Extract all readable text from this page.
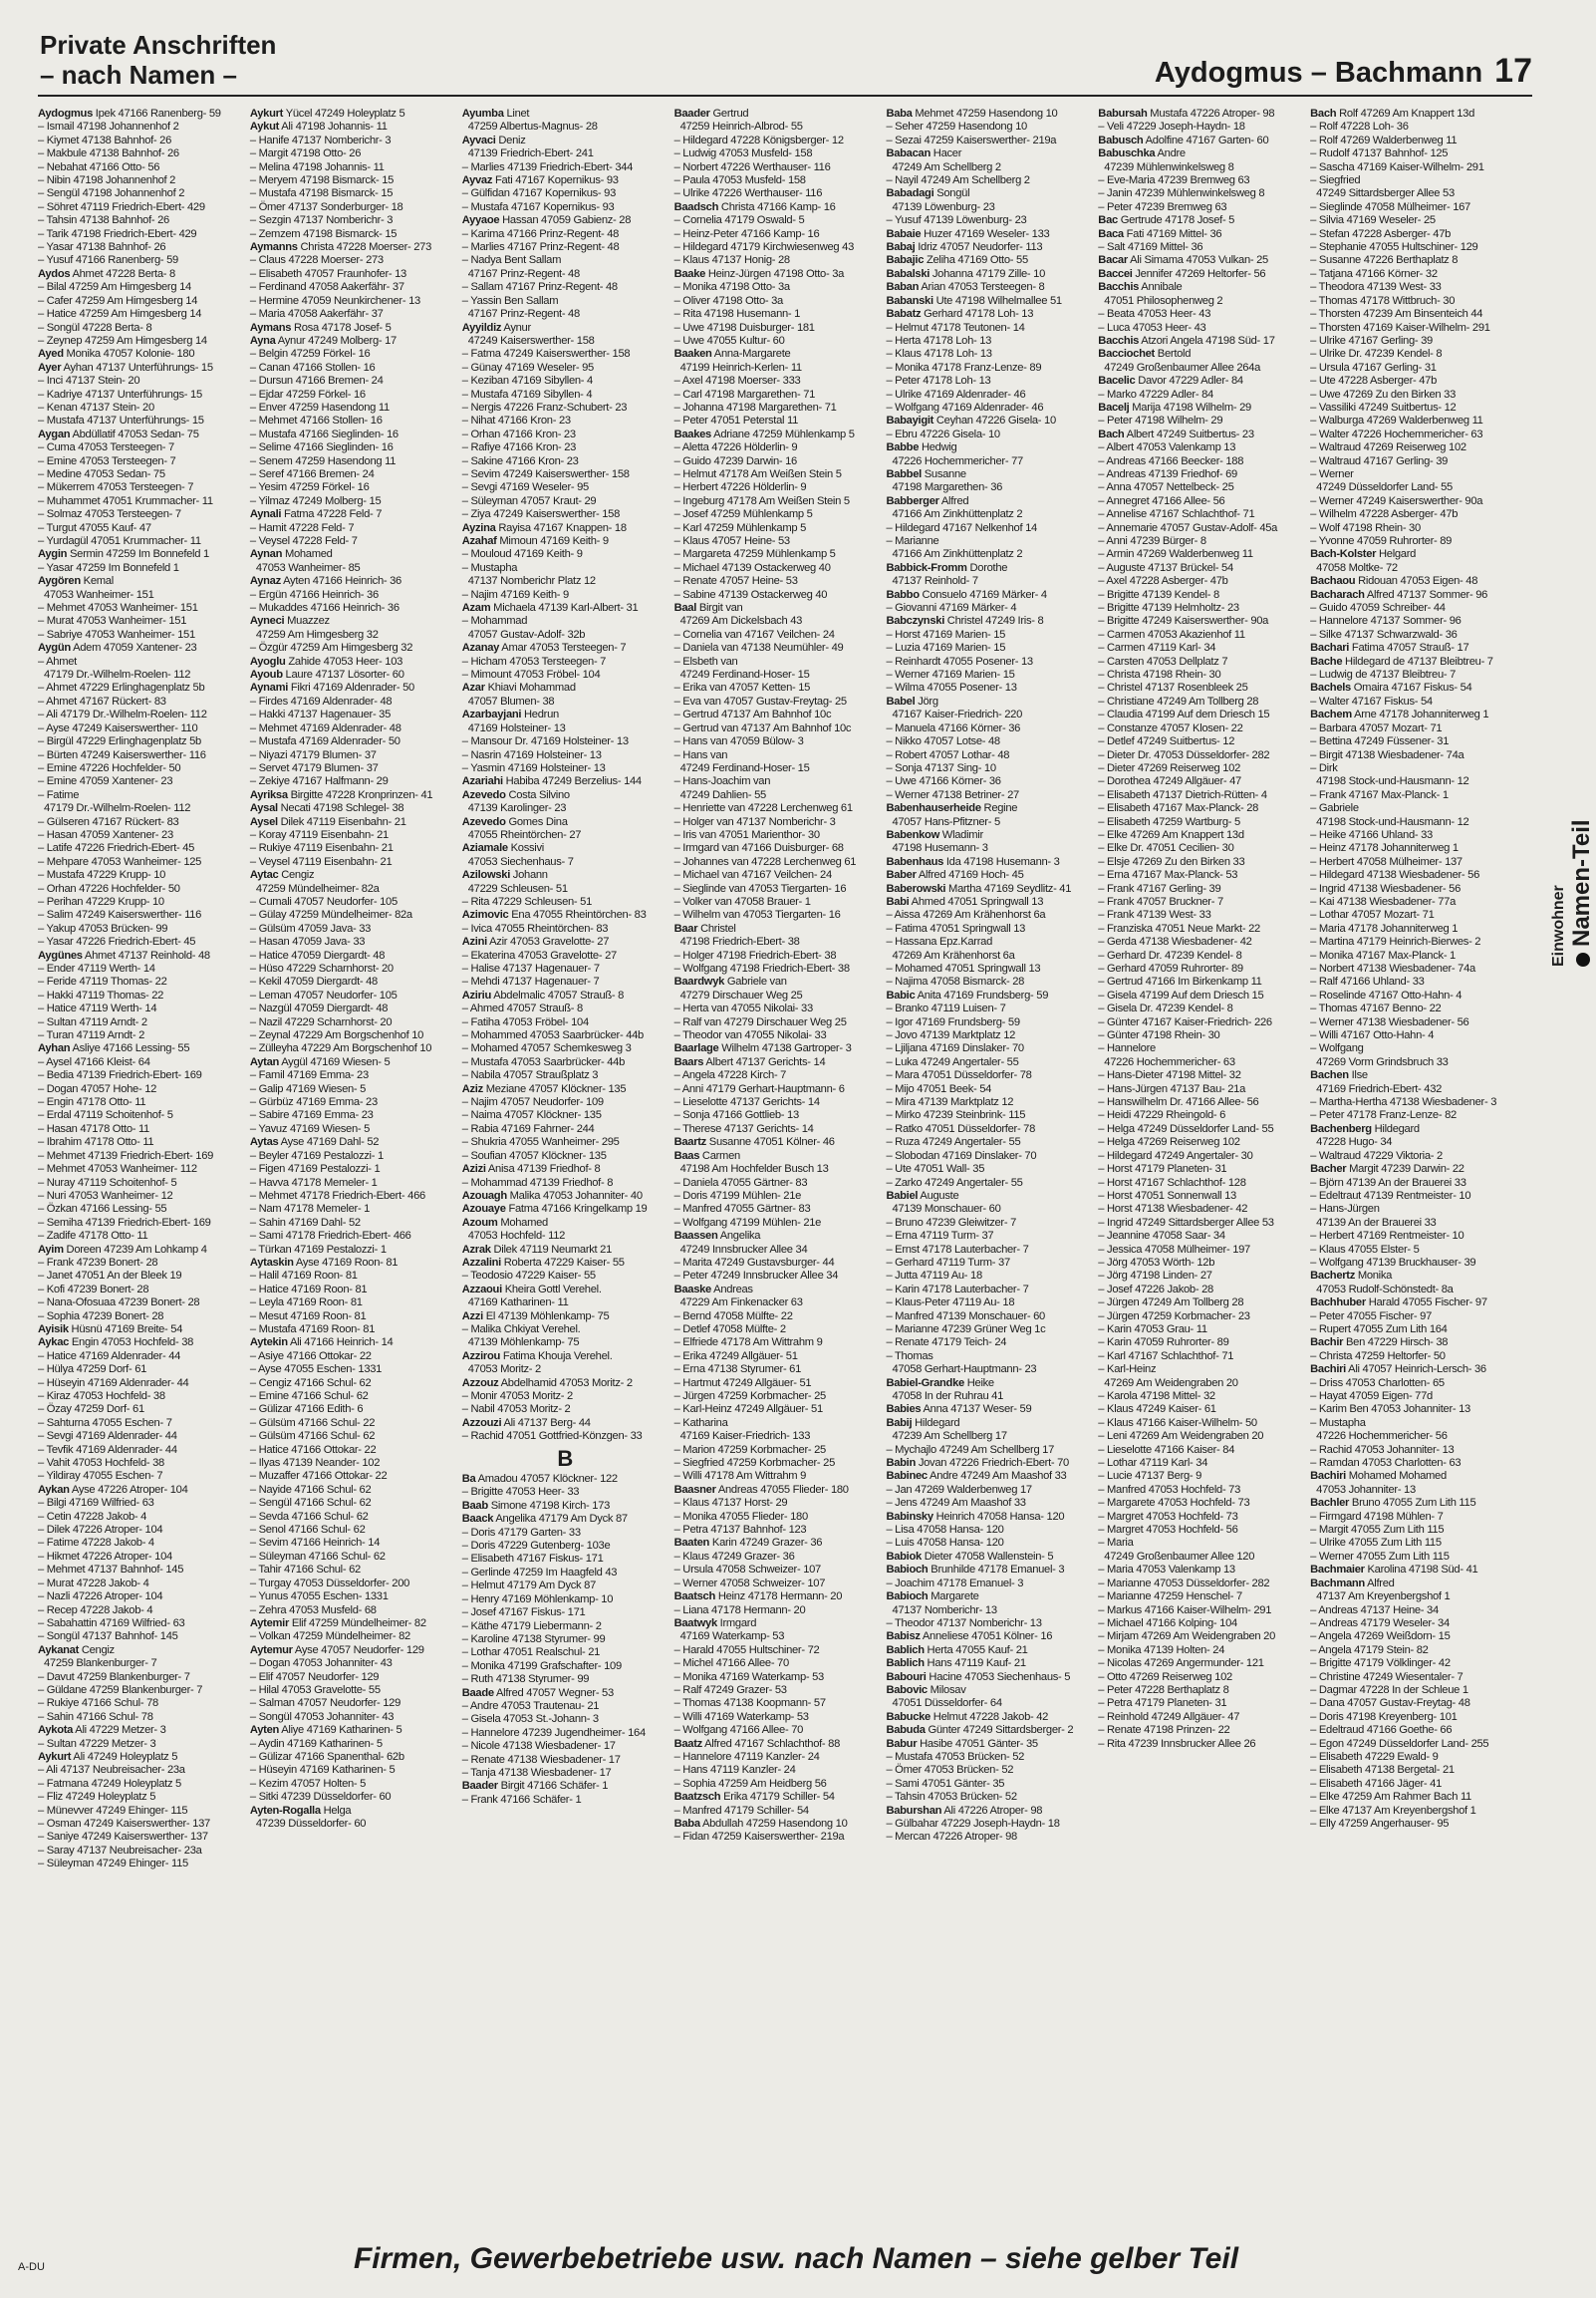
Private Anschriften
– nach Namen –	Aydogmus – Bachmann 17
Aydogmus Ipek 47166 Ranenberg- 59
– Ismail 47198 Johannenhof 2
– Kiymet 47138 Bahnhof- 26
– Makbule 47138 Bahnhof- 26
– Nebahat 47166 Otto- 56
– Nibin 47198 Johannenhof 2
– Sengül 47198 Johannenhof 2
– Söhret 47119 Friedrich-Ebert- 429
– Tahsin 47138 Bahnhof- 26
– Tarik 47198 Friedrich-Ebert- 429
– Yasar 47138 Bahnhof- 26
– Yusuf 47166 Ranenberg- 59
Aydos Ahmet 47228 Berta- 8
– Bilal 47259 Am Himgesberg 14
– Cafer 47259 Am Himgesberg 14
– Hatice 47259 Am Himgesberg 14
– Songül 47228 Berta- 8
– Zeynep 47259 Am Himgesberg 14
Ayed Monika 47057 Kolonie- 180
Ayer Ayhan 47137 Unterführungs- 15
– Inci 47137 Stein- 20
– Kadriye 47137 Unterführungs- 15
– Kenan 47137 Stein- 20
– Mustafa 47137 Unterführungs- 15
Aygan Abdüllatif 47053 Sedan- 75
– Cuma 47053 Tersteegen- 7
– Emine 47053 Tersteegen- 7
– Medine 47053 Sedan- 75
– Mükerrem 47053 Tersteegen- 7
– Muhammet 47051 Krummacher- 11
– Solmaz 47053 Tersteegen- 7
– Turgut 47055 Kauf- 47
– Yurdagül 47051 Krummacher- 11
Aygin Sermin 47259 Im Bonnefeld 1
– Yasar 47259 Im Bonnefeld 1
Aygören Kemal
47053 Wanheimer- 151
– Mehmet 47053 Wanheimer- 151
– Murat 47053 Wanheimer- 151
– Sabriye 47053 Wanheimer- 151
Aygün Adem 47059 Xantener- 23
– Ahmet
47179 Dr.-Wilhelm-Roelen- 112
– Ahmet 47229 Erlinghagenplatz 5b
– Ahmet 47167 Rückert- 83
– Ali 47179 Dr.-Wilhelm-Roelen- 112
– Ayse 47249 Kaiserswerther- 110
– Birgül 47229 Erlinghagenplatz 5b
– Bürten 47249 Kaiserswerther- 116
– Emine 47226 Hochfelder- 50
– Emine 47059 Xantener- 23
– Fatime
47179 Dr.-Wilhelm-Roelen- 112
– Gülseren 47167 Rückert- 83
– Hasan 47059 Xantener- 23
– Latife 47226 Friedrich-Ebert- 45
– Mehpare 47053 Wanheimer- 125
– Mustafa 47229 Krupp- 10
– Orhan 47226 Hochfelder- 50
– Perihan 47229 Krupp- 10
– Salim 47249 Kaiserswerther- 116
– Yakup 47053 Brücken- 99
– Yasar 47226 Friedrich-Ebert- 45
Aygünes Ahmet 47137 Reinhold- 48
– Ender 47119 Werth- 14
– Feride 47119 Thomas- 22
– Hakki 47119 Thomas- 22
– Hatice 47119 Werth- 14
– Sultan 47119 Arndt- 2
– Turan 47119 Arndt- 2
Ayhan Asliye 47166 Lessing- 55
– Aysel 47166 Kleist- 64
– Bedia 47139 Friedrich-Ebert- 169
– Dogan 47057 Hohe- 12
– Engin 47178 Otto- 11
– Erdal 47119 Schoitenhof- 5
– Hasan 47178 Otto- 11
– Ibrahim 47178 Otto- 11
– Mehmet 47139 Friedrich-Ebert- 169
– Mehmet 47053 Wanheimer- 112
– Nuray 47119 Schoitenhof- 5
– Nuri 47053 Wanheimer- 12
– Özkan 47166 Lessing- 55
– Semiha 47139 Friedrich-Ebert- 169
– Zadife 47178 Otto- 11
Ayim Doreen 47239 Am Lohkamp 4
– Frank 47239 Bonert- 28
– Janet 47051 An der Bleek 19
– Kofi 47239 Bonert- 28
– Nana-Ofosuaa 47239 Bonert- 28
– Sophia 47239 Bonert- 28
Ayisik Hüsnü 47169 Breite- 54
Aykac Engin 47053 Hochfeld- 38
– Hatice 47169 Aldenrader- 44
– Hülya 47259 Dorf- 61
– Hüseyin 47169 Aldenrader- 44
– Kiraz 47053 Hochfeld- 38
– Özay 47259 Dorf- 61
– Sahturna 47055 Eschen- 7
– Sevgi 47169 Aldenrader- 44
– Tevfik 47169 Aldenrader- 44
– Vahit 47053 Hochfeld- 38
– Yildiray 47055 Eschen- 7
Aykan Ayse 47226 Atroper- 104
– Bilgi 47169 Wilfried- 63
– Cetin 47228 Jakob- 4
– Dilek 47226 Atroper- 104
– Fatime 47228 Jakob- 4
– Hikmet 47226 Atroper- 104
– Mehmet 47137 Bahnhof- 145
– Murat 47228 Jakob- 4
– Nazli 47226 Atroper- 104
– Recep 47228 Jakob- 4
– Sabahattin 47169 Wilfried- 63
– Songül 47137 Bahnhof- 145
Aykanat Cengiz
47259 Blankenburger- 7
– Davut 47259 Blankenburger- 7
– Güldane 47259 Blankenburger- 7
– Rukiye 47166 Schul- 78
– Sahin 47166 Schul- 78
Aykota Ali 47229 Metzer- 3
– Sultan 47229 Metzer- 3
Aykurt Ali 47249 Holeyplatz 5
– Ali 47137 Neubreisacher- 23a
– Fatmana 47249 Holeyplatz 5
– Fliz 47249 Holeyplatz 5
– Münevver 47249 Ehinger- 115
– Osman 47249 Kaiserswerther- 137
– Saniye 47249 Kaiserswerther- 137
– Saray 47137 Neubreisacher- 23a
– Süleyman 47249 Ehinger- 115
Aykurt Yücel 47249 Holeyplatz 5
Aykut Ali 47198 Johannis- 11
– Hanife 47137 Nomberichr- 3
– Margit 47198 Otto- 26
– Melina 47198 Johannis- 11
– Meryem 47198 Bismarck- 15
– Mustafa 47198 Bismarck- 15
– Ömer 47137 Sonderburger- 18
– Sezgin 47137 Nomberichr- 3
– Zemzem 47198 Bismarck- 15
Aymanns Christa 47228 Moerser- 273
– Claus 47228 Moerser- 273
– Elisabeth 47057 Fraunhofer- 13
– Ferdinand 47058 Aakerfähr- 37
– Hermine 47059 Neunkirchener- 13
– Maria 47058 Aakerfähr- 37
Aymans Rosa 47178 Josef- 5
Ayna Aynur 47249 Molberg- 17
– Belgin 47259 Förkel- 16
– Canan 47166 Stollen- 16
– Dursun 47166 Bremen- 24
– Ejdar 47259 Förkel- 16
– Enver 47259 Hasendong 11
– Mehmet 47166 Stollen- 16
– Mustafa 47166 Sieglinden- 16
– Selime 47166 Sieglinden- 16
– Senem 47259 Hasendong 11
– Seref 47166 Bremen- 24
– Yesim 47259 Förkel- 16
– Yilmaz 47249 Molberg- 15
Aynali Fatma 47228 Feld- 7
– Hamit 47228 Feld- 7
– Veysel 47228 Feld- 7
Aynan Mohamed
47053 Wanheimer- 85
Aynaz Ayten 47166 Heinrich- 36
– Ergün 47166 Heinrich- 36
– Mukaddes 47166 Heinrich- 36
Ayneci Muazzez
47259 Am Himgesberg 32
– Özgür 47259 Am Himgesberg 32
Ayoglu Zahide 47053 Heer- 103
Ayoub Laure 47137 Lösorter- 60
Aynami Fikri 47169 Aldenrader- 50
– Firdes 47169 Aldenrader- 48
– Hakki 47137 Hagenauer- 35
– Mehmet 47169 Aldenrader- 48
– Mustafa 47169 Aldenrader- 50
– Niyazi 47179 Blumen- 37
– Servet 47179 Blumen- 37
– Zekiye 47167 Halfmann- 29
Ayriksa Birgitte 47228 Kronprinzen- 41
Aysal Necati 47198 Schlegel- 38
Aysel Dilek 47119 Eisenbahn- 21
– Koray 47119 Eisenbahn- 21
– Rukiye 47119 Eisenbahn- 21
– Veysel 47119 Eisenbahn- 21
Aytac Cengiz
47259 Mündelheimer- 82a
– Cumali 47057 Neudorfer- 105
– Gülay 47259 Mündelheimer- 82a
– Gülsüm 47059 Java- 33
– Hasan 47059 Java- 33
– Hatice 47059 Diergardt- 48
– Hüso 47229 Scharnhorst- 20
– Kekil 47059 Diergardt- 48
– Leman 47057 Neudorfer- 105
– Nazgül 47059 Diergardt- 48
– Nazil 47229 Scharnhorst- 20
– Zeynal 47229 Am Borgschenhof 10
– Zülleyha 47229 Am Borgschenhof 10
Aytan Aygül 47169 Wiesen- 5
– Famil 47169 Emma- 23
– Galip 47169 Wiesen- 5
– Gürbüz 47169 Emma- 23
– Sabire 47169 Emma- 23
– Yavuz 47169 Wiesen- 5
Aytas Ayse 47169 Dahl- 52
– Beyler 47169 Pestalozzi- 1
– Figen 47169 Pestalozzi- 1
– Havva 47178 Memeler- 1
– Mehmet 47178 Friedrich-Ebert- 466
– Nam 47178 Memeler- 1
– Sahin 47169 Dahl- 52
– Sami 47178 Friedrich-Ebert- 466
– Türkan 47169 Pestalozzi- 1
Aytaskin Ayse 47169 Roon- 81
– Halil 47169 Roon- 81
– Hatice 47169 Roon- 81
– Leyla 47169 Roon- 81
– Mesut 47169 Roon- 81
– Mustafa 47169 Roon- 81
Aytekin Ali 47166 Heinrich- 14
– Asiye 47166 Ottokar- 22
– Ayse 47055 Eschen- 1331
– Cengiz 47166 Schul- 62
– Emine 47166 Schul- 62
– Gülizar 47166 Edith- 6
– Gülsüm 47166 Schul- 22
– Gülsüm 47166 Schul- 62
– Hatice 47166 Ottokar- 22
– Ilyas 47139 Neander- 102
– Muzaffer 47166 Ottokar- 22
– Nayide 47166 Schul- 62
– Sengül 47166 Schul- 62
– Sevda 47166 Schul- 62
– Senol 47166 Schul- 62
– Sevim 47166 Heinrich- 14
– Süleyman 47166 Schul- 62
– Tahir 47166 Schul- 62
– Turgay 47053 Düsseldorfer- 200
– Yunus 47055 Eschen- 1331
– Zehra 47053 Musfeld- 68
Aytemir Elif 47259 Mündelheimer- 82
– Volkan 47259 Mündelheimer- 82
Aytemur Ayse 47057 Neudorfer- 129
– Dogan 47053 Johanniter- 43
– Elif 47057 Neudorfer- 129
– Hilal 47053 Gravelotte- 55
– Salman 47057 Neudorfer- 129
– Songül 47053 Johanniter- 43
Ayten Aliye 47169 Katharinen- 5
– Aydin 47169 Katharinen- 5
– Gülizar 47166 Spanenthal- 62b
– Hüseyin 47169 Katharinen- 5
– Kezim 47057 Holten- 5
– Sitki 47239 Düsseldorfer- 60
Ayten-Rogalla Helga
47239 Düsseldorfer- 60
Ayumba Linet
47259 Albertus-Magnus- 28
Ayvaci Deniz
47139 Friedrich-Ebert- 241
– Marlies 47139 Friedrich-Ebert- 344
Ayvaz Fati 47167 Kopernikus- 93
– Gülfidan 47167 Kopernikus- 93
– Mustafa 47167 Kopernikus- 93
Ayyaoe Hassan 47059 Gabienz- 28
– Karima 47166 Prinz-Regent- 48
– Marlies 47167 Prinz-Regent- 48
– Nadya Bent Sallam
47167 Prinz-Regent- 48
– Sallam 47167 Prinz-Regent- 48
– Yassin Ben Sallam
47167 Prinz-Regent- 48
Ayyildiz Aynur
47249 Kaiserswerther- 158
– Fatma 47249 Kaiserswerther- 158
– Günay 47169 Weseler- 95
– Keziban 47169 Sibyllen- 4
– Mustafa 47169 Sibyllen- 4
– Nergis 47226 Franz-Schubert- 23
– Nihat 47166 Kron- 23
– Orhan 47166 Kron- 23
– Rafiye 47166 Kron- 23
– Sakine 47166 Kron- 23
– Sevim 47249 Kaiserswerther- 158
– Sevgi 47169 Weseler- 95
– Süleyman 47057 Kraut- 29
– Ziya 47249 Kaiserswerther- 158
Ayzina Rayisa 47167 Knappen- 18
Azahaf Mimoun 47169 Keith- 9
– Mouloud 47169 Keith- 9
– Mustapha
47137 Nomberichr Platz 12
– Najim 47169 Keith- 9
Azam Michaela 47139 Karl-Albert- 31
– Mohammad
47057 Gustav-Adolf- 32b
Azanay Amar 47053 Tersteegen- 7
– Hicham 47053 Tersteegen- 7
– Mimount 47053 Fröbel- 104
Azar Khiavi Mohammad
47057 Blumen- 38
Azarbayjani Hedrun
47169 Holsteiner- 13
– Mansour Dr. 47169 Holsteiner- 13
– Nasrin 47169 Holsteiner- 13
– Yasmin 47169 Holsteiner- 13
Azariahi Habiba 47249 Berzelius- 144
Azevedo Costa Silvino
47139 Karolinger- 23
Azevedo Gomes Dina
47055 Rheintörchen- 27
Aziamale Kossivi
47053 Siechenhaus- 7
Azilowski Johann
47229 Schleusen- 51
– Rita 47229 Schleusen- 51
Azimovic Ena 47055 Rheintörchen- 83
– Ivica 47055 Rheintörchen- 83
Azini Azir 47053 Gravelotte- 27
– Ekaterina 47053 Gravelotte- 27
– Halise 47137 Hagenauer- 7
– Mehdi 47137 Hagenauer- 7
Aziriu Abdelmalic 47057 Strauß- 8
– Ahmed 47057 Strauß- 8
– Fatiha 47053 Fröbel- 104
– Mohammed 47053 Saarbrücker- 44b
– Mohamed 47057 Schemkesweg 3
– Mustafa 47053 Saarbrücker- 44b
– Nabila 47057 Straußplatz 3
Aziz Meziane 47057 Klöckner- 135
– Najim 47057 Neudorfer- 109
– Naima 47057 Klöckner- 135
– Rabia 47169 Fahrner- 244
– Shukria 47055 Wanheimer- 295
– Soufian 47057 Klöckner- 135
Azizi Anisa 47139 Friedhof- 8
– Mohammad 47139 Friedhof- 8
Azouagh Malika 47053 Johanniter- 40
Azouaye Fatma 47166 Kringelkamp 19
Azoum Mohamed
47053 Hochfeld- 112
Azrak Dilek 47119 Neumarkt 21
Azzalini Roberta 47229 Kaiser- 55
– Teodosio 47229 Kaiser- 55
Azzaoui Kheira Gottl Verehel.
47169 Katharinen- 11
Azzi El 47139 Möhlenkamp- 75
– Malika Chkiyat Verehel.
47139 Möhlenkamp- 75
Azzirou Fatima Khouja Verehel.
47053 Moritz- 2
Azzouz Abdelhamid 47053 Moritz- 2
– Monir 47053 Moritz- 2
– Nabil 47053 Moritz- 2
Azzouzi Ali 47137 Berg- 44
– Rachid 47051 Gottfried-Könzgen- 33
B
Ba Amadou 47057 Klöckner- 122
– Brigitte 47053 Heer- 33
Baab Simone 47198 Kirch- 173
Baack Angelika 47179 Am Dyck 87
– Doris 47179 Garten- 33
– Doris 47229 Gutenberg- 103e
– Elisabeth 47167 Fiskus- 171
– Gerlinde 47259 Im Haagfeld 43
– Helmut 47179 Am Dyck 87
– Henry 47169 Möhlenkamp- 10
– Josef 47167 Fiskus- 171
– Käthe 47179 Liebermann- 2
– Karoline 47138 Styrumer- 99
– Lothar 47051 Realschul- 21
– Monika 47199 Grafschafter- 109
– Ruth 47138 Styrumer- 99
Baade Alfred 47057 Wegner- 53
– Andre 47053 Trautenau- 21
– Gisela 47053 St.-Johann- 3
– Hannelore 47239 Jugendheimer- 164
– Nicole 47138 Wiesbadener- 17
– Renate 47138 Wiesbadener- 17
– Tanja 47138 Wiesbadener- 17
Baader Birgit 47166 Schäfer- 1
– Frank 47166 Schäfer- 1
Baader Gertrud
47259 Heinrich-Albrod- 55
– Hildegard 47228 Königsberger- 12
– Ludwig 47053 Musfeld- 158
– Norbert 47226 Werthauser- 116
– Paula 47053 Musfeld- 158
– Ulrike 47226 Werthauser- 116
Baadsch Christa 47166 Kamp- 16
– Cornelia 47179 Oswald- 5
– Heinz-Peter 47166 Kamp- 16
– Hildegard 47179 Kirchwiesenweg 43
– Klaus 47137 Honig- 28
Baake Heinz-Jürgen 47198 Otto- 3a
– Monika 47198 Otto- 3a
– Oliver 47198 Otto- 3a
– Rita 47198 Husemann- 1
– Uwe 47198 Duisburger- 181
– Uwe 47055 Kultur- 60
Baaken Anna-Margarete
47199 Heinrich-Kerlen- 11
– Axel 47198 Moerser- 333
– Carl 47198 Margarethen- 71
– Johanna 47198 Margarethen- 71
– Peter 47051 Peterstal 11
Baakes Adriane 47259 Mühlenkamp 5
– Aletta 47226 Hölderlin- 9
– Guido 47239 Darwin- 16
– Helmut 47178 Am Weißen Stein 5
– Herbert 47226 Hölderlin- 9
– Ingeburg 47178 Am Weißen Stein 5
– Josef 47259 Mühlenkamp 5
– Karl 47259 Mühlenkamp 5
– Klaus 47057 Heine- 53
– Margareta 47259 Mühlenkamp 5
– Michael 47139 Ostackerweg 40
– Renate 47057 Heine- 53
– Sabine 47139 Ostackerweg 40
Baal Birgit van
47269 Am Dickelsbach 43
– Cornelia van 47167 Veilchen- 24
– Daniela van 47138 Neumühler- 49
– Elsbeth van
47249 Ferdinand-Hoser- 15
– Erika van 47057 Ketten- 15
– Eva van 47057 Gustav-Freytag- 25
– Gertrud 47137 Am Bahnhof 10c
– Gertrud van 47137 Am Bahnhof 10c
– Hans van 47059 Bülow- 3
– Hans van
47249 Ferdinand-Hoser- 15
– Hans-Joachim van
47249 Dahlien- 55
– Henriette van 47228 Lerchenweg 61
– Holger van 47137 Nomberichr- 3
– Iris van 47051 Marienthor- 30
– Irmgard van 47166 Duisburger- 68
– Johannes van 47228 Lerchenweg 61
– Michael van 47167 Veilchen- 24
– Sieglinde van 47053 Tiergarten- 16
– Volker van 47058 Brauer- 1
– Wilhelm van 47053 Tiergarten- 16
Baar Christel
47198 Friedrich-Ebert- 38
– Holger 47198 Friedrich-Ebert- 38
– Wolfgang 47198 Friedrich-Ebert- 38
Baardwyk Gabriele van
47279 Dirschauer Weg 25
– Herta van 47055 Nikolai- 33
– Ralf van 47279 Dirschauer Weg 25
– Theodor van 47055 Nikolai- 33
Baarlage Wilhelm 47138 Gartroper- 3
Baars Albert 47137 Gerichts- 14
– Angela 47228 Kirch- 7
– Anni 47179 Gerhart-Hauptmann- 6
– Lieselotte 47137 Gerichts- 14
– Sonja 47166 Gottlieb- 13
– Therese 47137 Gerichts- 14
Baartz Susanne 47051 Kölner- 46
Baas Carmen
47198 Am Hochfelder Busch 13
– Daniela 47055 Gärtner- 83
– Doris 47199 Mühlen- 21e
– Manfred 47055 Gärtner- 83
– Wolfgang 47199 Mühlen- 21e
Baassen Angelika
47249 Innsbrucker Allee 34
– Marita 47249 Gustavsburger- 44
– Peter 47249 Innsbrucker Allee 34
Baaske Andreas
47229 Am Finkenacker 63
– Bernd 47058 Mülfte- 22
– Detlef 47058 Mülfte- 2
– Elfriede 47178 Am Wittrahm 9
– Erika 47249 Allgäuer- 51
– Erna 47138 Styrumer- 61
– Hartmut 47249 Allgäuer- 51
– Jürgen 47259 Korbmacher- 25
– Karl-Heinz 47249 Allgäuer- 51
– Katharina
47169 Kaiser-Friedrich- 133
– Marion 47259 Korbmacher- 25
– Siegfried 47259 Korbmacher- 25
– Willi 47178 Am Wittrahm 9
Baasner Andreas 47055 Flieder- 180
– Klaus 47137 Horst- 29
– Monika 47055 Flieder- 180
– Petra 47137 Bahnhof- 123
Baaten Karin 47249 Grazer- 36
– Klaus 47249 Grazer- 36
– Ursula 47058 Schweizer- 107
– Werner 47058 Schweizer- 107
Baatsch Heinz 47178 Hermann- 20
– Liana 47178 Hermann- 20
Baatwyk Irmgard
47169 Waterkamp- 53
– Harald 47055 Hultschiner- 72
– Michel 47166 Allee- 70
– Monika 47169 Waterkamp- 53
– Ralf 47249 Grazer- 53
– Thomas 47138 Koopmann- 57
– Willi 47169 Waterkamp- 53
– Wolfgang 47166 Allee- 70
Baatz Alfred 47167 Schlachthof- 88
– Hannelore 47119 Kanzler- 24
– Hans 47119 Kanzler- 24
– Sophia 47259 Am Heidberg 56
Baatzsch Erika 47179 Schiller- 54
– Manfred 47179 Schiller- 54
Baba Abdullah 47259 Hasendong 10
– Fidan 47259 Kaiserswerther- 219a
Baba Mehmet 47259 Hasendong 10
– Seher 47259 Hasendong 10
– Sezai 47259 Kaiserswerther- 219a
Babacan Hacer
47249 Am Schellberg 2
– Nayil 47249 Am Schellberg 2
Babadagi Songül
47139 Löwenburg- 23
– Yusuf 47139 Löwenburg- 23
Babaie Huzer 47169 Weseler- 133
Babaj Idriz 47057 Neudorfer- 113
Babajic Zeliha 47169 Otto- 55
Babalski Johanna 47179 Zille- 10
Baban Arian 47053 Tersteegen- 8
Babanski Ute 47198 Wilhelmallee 51
Babatz Gerhard 47178 Loh- 13
– Helmut 47178 Teutonen- 14
– Herta 47178 Loh- 13
– Klaus 47178 Loh- 13
– Monika 47178 Franz-Lenze- 89
– Peter 47178 Loh- 13
– Ulrike 47169 Aldenrader- 46
– Wolfgang 47169 Aldenrader- 46
Babayigit Ceyhan 47226 Gisela- 10
– Ebru 47226 Gisela- 10
Babbe Hedwig
47226 Hochemmericher- 77
Babbel Susanne
47198 Margarethen- 36
Babberger Alfred
47166 Am Zinkhüttenplatz 2
– Hildegard 47167 Nelkenhof 14
– Marianne
47166 Am Zinkhüttenplatz 2
Babbick-Fromm Dorothe
47137 Reinhold- 7
Babbo Consuelo 47169 Märker- 4
– Giovanni 47169 Märker- 4
Babczynski Christel 47249 Iris- 8
– Horst 47169 Marien- 15
– Luzia 47169 Marien- 15
– Reinhardt 47055 Posener- 13
– Werner 47169 Marien- 15
– Wilma 47055 Posener- 13
Babel Jörg
47167 Kaiser-Friedrich- 220
– Manuela 47166 Körner- 36
– Nikko 47057 Lotse- 48
– Robert 47057 Lothar- 48
– Sonja 47137 Sing- 10
– Uwe 47166 Körner- 36
– Werner 47138 Betriner- 27
Babenhauserheide Regine
47057 Hans-Pfitzner- 5
Babenkow Wladimir
47198 Husemann- 3
Babenhaus Ida 47198 Husemann- 3
Baber Alfred 47169 Hoch- 45
Baberowski Martha 47169 Seydlitz- 41
Babi Ahmed 47051 Springwall 13
– Aissa 47269 Am Krähenhorst 6a
– Fatima 47051 Springwall 13
– Hassana Epz.Karrad
47269 Am Krähenhorst 6a
– Mohamed 47051 Springwall 13
– Najima 47058 Bismarck- 28
Babic Anita 47169 Frundsberg- 59
– Branko 47119 Luisen- 7
– Igor 47169 Frundsberg- 59
– Jovo 47139 Marktplatz 12
– Ljiljana 47169 Dinslaker- 70
– Luka 47249 Angertaler- 55
– Mara 47051 Düsseldorfer- 78
– Mijo 47051 Beek- 54
– Mira 47139 Marktplatz 12
– Mirko 47239 Steinbrink- 115
– Ratko 47051 Düsseldorfer- 78
– Ruza 47249 Angertaler- 55
– Slobodan 47169 Dinslaker- 70
– Ute 47051 Wall- 35
– Zarko 47249 Angertaler- 55
Babiel Auguste
47139 Monschauer- 60
– Bruno 47239 Gleiwitzer- 7
– Erna 47119 Turm- 37
– Ernst 47178 Lauterbacher- 7
– Gerhard 47119 Turm- 37
– Jutta 47119 Au- 18
– Karin 47178 Lauterbacher- 7
– Klaus-Peter 47119 Au- 18
– Manfred 47139 Monschauer- 60
– Marianne 47239 Grüner Weg 1c
– Renate 47179 Teich- 24
– Thomas
47058 Gerhart-Hauptmann- 23
Babiel-Grandke Heike
47058 In der Ruhrau 41
Babies Anna 47137 Weser- 59
Babij Hildegard
47239 Am Schellberg 17
– Mychajlo 47249 Am Schellberg 17
Babin Jovan 47226 Friedrich-Ebert- 70
Babinec Andre 47249 Am Maashof 33
– Jan 47269 Walderbenweg 17
– Jens 47249 Am Maashof 33
Babinsky Heinrich 47058 Hansa- 120
– Lisa 47058 Hansa- 120
– Luis 47058 Hansa- 120
Babiok Dieter 47058 Wallenstein- 5
Babioch Brunhilde 47178 Emanuel- 3
– Joachim 47178 Emanuel- 3
Babioch Margarete
47137 Nomberichr- 13
– Theodor 47137 Nomberichr- 13
Babisz Anneliese 47051 Kölner- 16
Bablich Herta 47055 Kauf- 21
Bablich Hans 47119 Kauf- 21
Babouri Hacine 47053 Siechenhaus- 5
Babovic Milosav
47051 Düsseldorfer- 64
Babucke Helmut 47228 Jakob- 42
Babuda Günter 47249 Sittardsberger- 2
Babur Hasibe 47051 Gänter- 35
– Mustafa 47053 Brücken- 52
– Ömer 47053 Brücken- 52
– Sami 47051 Gänter- 35
– Tahsin 47053 Brücken- 52
Baburshan Ali 47226 Atroper- 98
– Gülbahar 47229 Joseph-Haydn- 18
– Mercan 47226 Atroper- 98
Babursah Mustafa 47226 Atroper- 98
– Veli 47229 Joseph-Haydn- 18
Babusch Adolfine 47167 Garten- 60
Babuschka Andre
47239 Mühlenwinkelsweg 8
– Eve-Maria 47239 Bremweg 63
– Janin 47239 Mühlenwinkelsweg 8
– Peter 47239 Bremweg 63
Bac Gertrude 47178 Josef- 5
Baca Fati 47169 Mittel- 36
– Salt 47169 Mittel- 36
Bacar Ali Simama 47053 Vulkan- 25
Baccei Jennifer 47269 Heltorfer- 56
Bacchis Annibale
47051 Philosophenweg 2
– Beata 47053 Heer- 43
– Luca 47053 Heer- 43
Bacchis Atzori Angela 47198 Süd- 17
Bacciochet Bertold
47249 Großenbaumer Allee 264a
Bacelic Davor 47229 Adler- 84
– Marko 47229 Adler- 84
Bacelj Marija 47198 Wilhelm- 29
– Peter 47198 Wilhelm- 29
Bach Albert 47249 Suitbertus- 23
– Albert 47053 Valenkamp 13
– Andreas 47166 Beecker- 188
– Andreas 47139 Friedhof- 69
– Anna 47057 Nettelbeck- 25
– Annegret 47166 Allee- 56
– Annelise 47167 Schlachthof- 71
– Annemarie 47057 Gustav-Adolf- 45a
– Anni 47239 Bürger- 8
– Armin 47269 Walderbenweg 11
– Auguste 47137 Brückel- 54
– Axel 47228 Asberger- 47b
– Brigitte 47139 Kendel- 8
– Brigitte 47139 Helmholtz- 23
– Brigitte 47249 Kaiserswerther- 90a
– Carmen 47053 Akazienhof 11
– Carmen 47119 Karl- 34
– Carsten 47053 Dellplatz 7
– Christa 47198 Rhein- 30
– Christel 47137 Rosenbleek 25
– Christiane 47249 Am Tollberg 28
– Claudia 47199 Auf dem Driesch 15
– Constanze 47057 Klosen- 22
– Detlef 47249 Suitbertus- 12
– Dieter Dr. 47053 Düsseldorfer- 282
– Dieter 47269 Reiserweg 102
– Dorothea 47249 Allgäuer- 47
– Elisabeth 47137 Dietrich-Rütten- 4
– Elisabeth 47167 Max-Planck- 28
– Elisabeth 47259 Wartburg- 5
– Elke 47269 Am Knappert 13d
– Elke Dr. 47051 Cecilien- 30
– Elsje 47269 Zu den Birken 33
– Erna 47167 Max-Planck- 53
– Frank 47167 Gerling- 39
– Frank 47057 Bruckner- 7
– Frank 47139 West- 33
– Franziska 47051 Neue Markt- 22
– Gerda 47138 Wiesbadener- 42
– Gerhard Dr. 47239 Kendel- 8
– Gerhard 47059 Ruhrorter- 89
– Gertrud 47166 Im Birkenkamp 11
– Gisela 47199 Auf dem Driesch 15
– Gisela Dr. 47239 Kendel- 8
– Günter 47167 Kaiser-Friedrich- 226
– Günter 47198 Rhein- 30
– Hannelore
47226 Hochemmericher- 63
– Hans-Dieter 47198 Mittel- 32
– Hans-Jürgen 47137 Bau- 21a
– Hanswilhelm Dr. 47166 Allee- 56
– Heidi 47229 Rheingold- 6
– Helga 47249 Düsseldorfer Land- 55
– Helga 47269 Reiserweg 102
– Hildegard 47249 Angertaler- 30
– Horst 47179 Planeten- 31
– Horst 47167 Schlachthof- 128
– Horst 47051 Sonnenwall 13
– Horst 47138 Wiesbadener- 42
– Ingrid 47249 Sittardsberger Allee 53
– Jeannine 47058 Saar- 34
– Jessica 47058 Mülheimer- 197
– Jörg 47053 Wörth- 12b
– Jörg 47198 Linden- 27
– Josef 47226 Jakob- 28
– Jürgen 47249 Am Tollberg 28
– Jürgen 47259 Korbmacher- 23
– Karin 47053 Grau- 11
– Karin 47059 Ruhrorter- 89
– Karl 47167 Schlachthof- 71
– Karl-Heinz
47269 Am Weidengraben 20
– Karola 47198 Mittel- 32
– Klaus 47249 Kaiser- 61
– Klaus 47166 Kaiser-Wilhelm- 50
– Leni 47269 Am Weidengraben 20
– Lieselotte 47166 Kaiser- 84
– Lothar 47119 Karl- 34
– Lucie 47137 Berg- 9
– Manfred 47053 Hochfeld- 73
– Margarete 47053 Hochfeld- 73
– Margret 47053 Hochfeld- 73
– Margret 47053 Hochfeld- 56
– Maria
47249 Großenbaumer Allee 120
– Maria 47053 Valenkamp 13
– Marianne 47053 Düsseldorfer- 282
– Marianne 47259 Henschel- 7
– Markus 47166 Kaiser-Wilhelm- 291
– Michael 47166 Kolping- 104
– Mirjam 47269 Am Weidengraben 20
– Monika 47139 Holten- 24
– Nicolas 47269 Angermunder- 121
– Otto 47269 Reiserweg 102
– Peter 47228 Berthaplatz 8
– Petra 47179 Planeten- 31
– Reinhold 47249 Allgäuer- 47
– Renate 47198 Prinzen- 22
– Rita 47239 Innsbrucker Allee 26
Bach Rolf 47269 Am Knappert 13d
– Rolf 47228 Loh- 36
– Rolf 47269 Walderbenweg 11
– Rudolf 47137 Bahnhof- 125
– Sascha 47169 Kaiser-Wilhelm- 291
– Siegfried
47249 Sittardsberger Allee 53
– Sieglinde 47058 Mülheimer- 167
– Silvia 47169 Weseler- 25
– Stefan 47228 Asberger- 47b
– Stephanie 47055 Hultschiner- 129
– Susanne 47226 Berthaplatz 8
– Tatjana 47166 Körner- 32
– Theodora 47139 West- 33
– Thomas 47178 Wittbruch- 30
– Thorsten 47239 Am Binsenteich 44
– Thorsten 47169 Kaiser-Wilhelm- 291
– Ulrike 47167 Gerling- 39
– Ulrike Dr. 47239 Kendel- 8
– Ursula 47167 Gerling- 31
– Ute 47228 Asberger- 47b
– Uwe 47269 Zu den Birken 33
– Vassiliki 47249 Suitbertus- 12
– Walburga 47269 Walderbenweg 11
– Walter 47226 Hochemmericher- 63
– Waltraud 47269 Reiserweg 102
– Waltraud 47167 Gerling- 39
– Werner
47249 Düsseldorfer Land- 55
– Werner 47249 Kaiserswerther- 90a
– Wilhelm 47228 Asberger- 47b
– Wolf 47198 Rhein- 30
– Yvonne 47059 Ruhrorter- 89
Bach-Kolster Helgard
47058 Moltke- 72
Bachaou Ridouan 47053 Eigen- 48
Bacharach Alfred 47137 Sommer- 96
– Guido 47059 Schreiber- 44
– Hannelore 47137 Sommer- 96
– Silke 47137 Schwarzwald- 36
Bachari Fatima 47057 Strauß- 17
Bache Hildegard de 47137 Bleibtreu- 7
– Ludwig de 47137 Bleibtreu- 7
Bachels Omaira 47167 Fiskus- 54
– Walter 47167 Fiskus- 54
Bachem Arne 47178 Johanniterweg 1
– Barbara 47057 Mozart- 71
– Bettina 47249 Füssener- 31
– Birgit 47138 Wiesbadener- 74a
– Dirk
47198 Stock-und-Hausmann- 12
– Frank 47167 Max-Planck- 1
– Gabriele
47198 Stock-und-Hausmann- 12
– Heike 47166 Uhland- 33
– Heinz 47178 Johanniterweg 1
– Herbert 47058 Mülheimer- 137
– Hildegard 47138 Wiesbadener- 56
– Ingrid 47138 Wiesbadener- 56
– Kai 47138 Wiesbadener- 77a
– Lothar 47057 Mozart- 71
– Maria 47178 Johanniterweg 1
– Martina 47179 Heinrich-Bierwes- 2
– Monika 47167 Max-Planck- 1
– Norbert 47138 Wiesbadener- 74a
– Ralf 47166 Uhland- 33
– Roselinde 47167 Otto-Hahn- 4
– Thomas 47167 Benno- 22
– Werner 47138 Wiesbadener- 56
– Willi 47167 Otto-Hahn- 4
– Wolfgang
47269 Vorm Grindsbruch 33
Bachen Ilse
47169 Friedrich-Ebert- 432
– Martha-Hertha 47138 Wiesbadener- 3
– Peter 47178 Franz-Lenze- 82
Bachenberg Hildegard
47228 Hugo- 34
– Waltraud 47229 Viktoria- 2
Bacher Margit 47239 Darwin- 22
– Björn 47139 An der Brauerei 33
– Edeltraut 47139 Rentmeister- 10
– Hans-Jürgen
47139 An der Brauerei 33
– Herbert 47169 Rentmeister- 10
– Klaus 47055 Elster- 5
– Wolfgang 47139 Bruckhauser- 39
Bachertz Monika
47053 Rudolf-Schönstedt- 8a
Bachhuber Harald 47055 Fischer- 97
– Peter 47055 Fischer- 97
– Rupert 47055 Zum Lith 164
Bachir Ben 47229 Hirsch- 38
– Christa 47259 Heltorfer- 50
Bachiri Ali 47057 Heinrich-Lersch- 36
– Driss 47053 Charlotten- 65
– Hayat 47059 Eigen- 77d
– Karim Ben 47053 Johanniter- 13
– Mustapha
47226 Hochemmericher- 56
– Rachid 47053 Johanniter- 13
– Ramdan 47053 Charlotten- 63
Bachiri Mohamed Mohamed
47053 Johanniter- 13
Bachler Bruno 47055 Zum Lith 115
– Firmgard 47198 Mühlen- 7
– Margit 47055 Zum Lith 115
– Ulrike 47055 Zum Lith 115
– Werner 47055 Zum Lith 115
Bachmaier Karolina 47198 Süd- 41
Bachmann Alfred
47137 Am Kreyenbergshof 1
– Andreas 47137 Heine- 34
– Andreas 47179 Weseler- 34
– Angela 47269 Weißdorn- 15
– Angela 47179 Stein- 82
– Brigitte 47179 Völklinger- 42
– Christine 47249 Wiesentaler- 7
– Dagmar 47228 In der Schleue 1
– Dana 47057 Gustav-Freytag- 48
– Doris 47198 Kreyenberg- 101
– Edeltraud 47166 Goethe- 66
– Egon 47249 Düsseldorfer Land- 255
– Elisabeth 47229 Ewald- 9
– Elisabeth 47138 Bergetal- 21
– Elisabeth 47166 Jäger- 41
– Elke 47259 Am Rahmer Bach 11
– Elke 47137 Am Kreyenbergshof 1
– Elly 47259 Angerhauser- 95
Einwohner Namen-Teil
Firmen, Gewerbebetriebe usw. nach Namen – siehe gelber Teil
A-DU
